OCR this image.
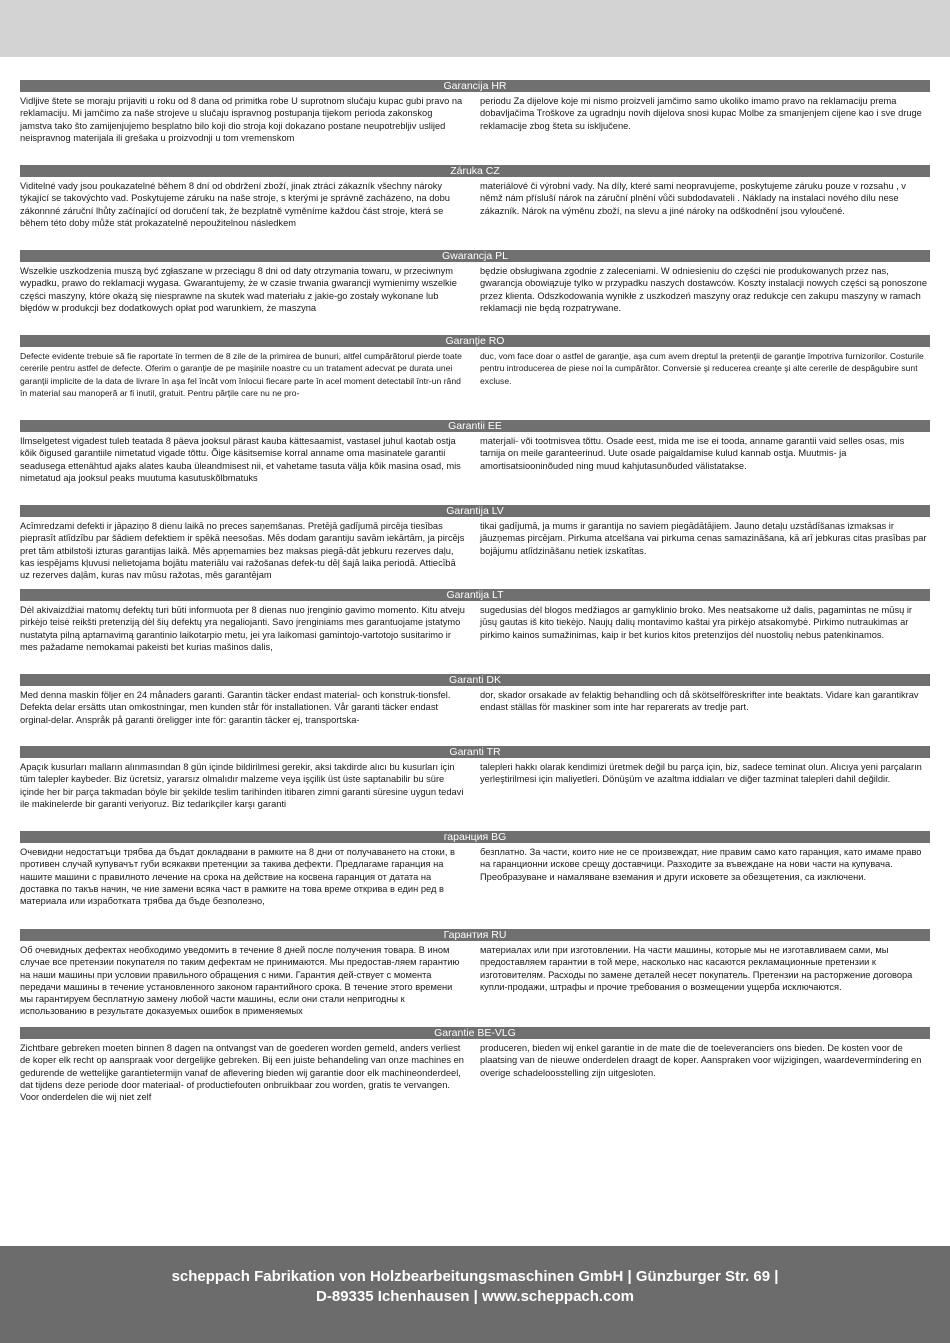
Garancija HR

Vidljive štete se moraju prijaviti u roku od 8 dana od primitka robe U suprotnom slučaju kupac gubi pravo na reklamaciju. Mi jamčimo za naše strojeve u slučaju ispravnog postupanja tijekom perioda zakonskog jamstva tako što zamijenjujemo besplatno bilo koji dio stroja koji dokazano postane neupotrebljiv uslijed neispravnog materijala ili grešaka u proizvodnji u tom vremenskom

periodu Za dijelove koje mi nismo proizveli jamčimo samo ukoliko imamo pravo na reklamaciju prema dobavljačima Troškove za ugradnju novih dijelova snosi kupac Molbe za smanjenjem cijene kao i sve druge reklamacije zbog šteta su isključene.

Záruka CZ

Viditelné vady jsou poukazatelné během 8 dní od obdržení zboží, jinak ztrácí zákazník všechny nároky týkající se takovýchto vad. Poskytujeme záruku na naše stroje, s kterými je správně zacházeno, na dobu zákonnné záruční lhůty začínající od doručení tak, že bezplatně vyměníme každou část stroje, která se během této doby může stát prokazatelně nepoužitelnou následkem

materiálové či výrobní vady. Na díly, které sami neopravujeme, poskytujeme záruku pouze v rozsahu , v němž nám přísluší nárok na záruční plnění vůči subdodavateli . Náklady na instalaci nového dílu nese zákazník. Nárok na výměnu zboží, na slevu a jiné nároky na odškodnění jsou vyloučené.

Gwarancja PL

Wszelkie uszkodzenia muszą być zgłaszane w przeciągu 8 dni od daty otrzymania towaru, w przeciwnym wypadku, prawo do reklamacji wygasa. Gwarantujemy, że w czasie trwania gwarancji wymienimy wszelkie części maszyny, które okażą się niesprawne na skutek wad materiału z jakie-go zostały wykonane lub błędów w produkcji bez dodatkowych opłat pod warunkiem, że maszyna

będzie obsługiwana zgodnie z zaleceniami. W odniesieniu do części nie produkowanych przez nas, gwarancja obowiązuje tylko w przypadku naszych dostawców. Koszty instalacji nowych części są ponoszone przez klienta. Odszkodowania wynikłe z uszkodzeń maszyny oraz redukcje cen zakupu maszyny w ramach reklamacji nie będą rozpatrywane.

Garanţie RO

Defecte evidente trebuie să fie raportate în termen de 8 zile de la primirea de bunuri, altfel cumpărătorul pierde toate cererile pentru astfel de defecte. Oferim o garanţie de pe maşinile noastre cu un tratament adecvat pe durata unei garanţii implicite de la data de livrare în aşa fel încât vom înlocui fiecare parte în acel moment detectabil într-un rând în material sau manoperă ar fi inutil, gratuit. Pentru părţile care nu ne pro-

duc, vom face doar o astfel de garanţie, aşa cum avem dreptul la pretenţii de garanţie împotriva furnizorilor. Costurile pentru introducerea de piese noi la cumpărător. Conversie şi reducerea creanţe şi alte cererile de despăgubire sunt excluse.

Garantii EE

Ilmselgetest vigadest tuleb teatada 8 päeva jooksul pärast kauba kättesaamist, vastasel juhul kaotab ostja kõik õigused garantiile nimetatud vigade tõttu. Õige käsitsemise korral anname oma masinatele garantii seadusega ettenähtud ajaks alates kauba üleandmisest nii, et vahetame tasuta välja kõik masina osad, mis nimetatud aja jooksul peaks muutuma kasutuskõlbmatuks

materjali- või tootmisvea tõttu. Osade eest, mida me ise ei tooda, anname garantii vaid selles osas, mis tarnija on meile garanteerinud. Uute osade paigaldamise kulud kannab ostja. Muutmis- ja amortisatsiooninõuded ning muud kahjutasunõuded välistatakse.

Garantija LV

Acīmredzami defekti ir jāpaziņo 8 dienu laikā no preces saņemšanas. Pretējā gadījumā pircēja tiesības pieprasīt atlīdzību par šādiem defektiem ir spēkā neesošas. Mēs dodam garantiju savām iekārtām, ja pircējs pret tām atbilstoši izturas garantijas laikā. Mēs apņemamies bez maksas piegā-dāt jebkuru rezerves daļu, kas iespējams kļuvusi nelietojama bojātu materiālu vai ražošanas defek-tu dēļ šajā laika periodā. Attiecībā uz rezerves daļām, kuras nav mūsu ražotas, mēs garantējam

tikai gadījumā, ja mums ir garantija no saviem piegādātājiem. Jauno detaļu uzstādīšanas izmaksas ir jāuzņemas pircējam. Pirkuma atcelšana vai pirkuma cenas samazināšana, kā arī jebkuras citas prasības par bojājumu atlīdzināšanu netiek izskatītas.

Garantija LT

Dėl akivaizdžiai matomų defektų turi būti informuota per 8 dienas nuo įrenginio gavimo momento. Kitu atveju pirkėjo teisė reikšti pretenziją dėl šių defektų yra negaliojanti. Savo įrenginiams mes garantuojame įstatymo nustatyta pilną aptarnavimą garantinio laikotarpio metu, jei yra laikomasi gamintojo-vartotojo susitarimo ir mes pažadame nemokamai pakeisti bet kurias mašinos dalis,

sugedusias dėl blogos medžiagos ar gamyklinio broko. Mes neatsakome už dalis, pagamintas ne mūsų ir jūsų gautas iš kito tiekėjo. Naujų dalių montavimo kaštai yra pirkėjo atsakomybė. Pirkimo nutraukimas ar pirkimo kainos sumažinimas, kaip ir bet kurios kitos pretenzijos dėl nuostolių nebus patenkinamos.

Garanti DK

Med denna maskin följer en 24 månaders garanti. Garantin täcker endast material- och konstruk-tionsfel. Defekta delar ersätts utan omkostningar, men kunden står för installationen. Vår garanti täcker endast orginal-delar. Anspråk på garanti öreligger inte för: garantin täcker ej, transportska-

dor, skador orsakade av felaktig behandling och då skötselföreskrifter inte beaktats. Vidare kan garantikrav endast ställas för maskiner som inte har reparerats av tredje part.

Garanti TR

Apaçık kusurları malların alınmasından 8 gün içinde bildirilmesi gerekir, aksi takdirde alıcı bu kusurları için tüm talepler kaybeder. Biz ücretsiz, yararsız olmalıdır malzeme veya işçilik üst üste saptanabilir bu süre içinde her bir parça takmadan böyle bir şekilde teslim tarihinden itibaren zimni garanti süresine uygun tedavi ile makinelerde bir garanti veriyoruz. Biz tedarikçiler karşı garanti

talepleri hakkı olarak kendimizi üretmek değil bu parça için, biz, sadece teminat olun. Alıcıya yeni parçaların yerleştirilmesi için maliyetleri. Dönüşüm ve azaltma iddiaları ve diğer tazminat talepleri dahil değildir.

гаранция BG

Очевидни недостатъци трябва да бъдат докладвани в рамките на 8 дни от получаването на стоки, в противен случай купувачът губи всякакви претенции за такива дефекти. Предлагаме гаранция на нашите машини с правилното лечение на срока на действие на косвена гаранция от датата на доставка по такъв начин, че ние замени всяка част в рамките на това време открива в един ред в материала или изработката трябва да бъде безполезно,

безплатно. За части, които ние не се произвеждат, ние правим само като гаранция, като имаме право на гаранционни искове срещу доставчици. Разходите за въвеждане на нови части на купувача. Преобразуване и намаляване вземания и други исковете за обезщетения, са изключени.

Гарантия RU

Об очевидных дефектах необходимо уведомить в течение 8 дней после получения товара. В ином случае все претензии покупателя по таким дефектам не принимаются. Мы предостав-ляем гарантию на наши машины при условии правильного обращения с ними. Гарантия дей-ствует с момента передачи машины в течение установленного законом гарантийного срока. В течение этого времени мы гарантируем бесплатную замену любой части машины, если они стали непригодны к использованию в результате доказуемых ошибок в применяемых

материалах или при изготовлении. На части машины, которые мы не изготавливаем сами, мы предоставляем гарантии в той мере, насколько нас касаются рекламационные претензии к изготовителям. Расходы по замене деталей несет покупатель. Претензии на расторжение договора купли-продажи, штрафы и прочие требования о возмещении ущерба исключаются.

Garantie BE-VLG

Zichtbare gebreken moeten binnen 8 dagen na ontvangst van de goederen worden gemeld, anders verliest de koper elk recht op aanspraak voor dergelijke gebreken. Bij een juiste behandeling van onze machines en gedurende de wettelijke garantietermijn vanaf de aflevering bieden wij garantie door elk machineonderdeel, dat tijdens deze periode door materiaal- of productiefouten onbruikbaar zou worden, gratis te vervangen. Voor onderdelen die wij niet zelf

produceren, bieden wij enkel garantie in de mate die de toeleveranciers ons bieden. De kosten voor de plaatsing van de nieuwe onderdelen draagt de koper. Aanspraken voor wijzigingen, waardevermindering en overige schadeloosstelling zijn uitgesloten.

scheppach Fabrikation von Holzbearbeitungsmaschinen GmbH | Günzburger Str. 69 |
D-89335 Ichenhausen | www.scheppach.com
